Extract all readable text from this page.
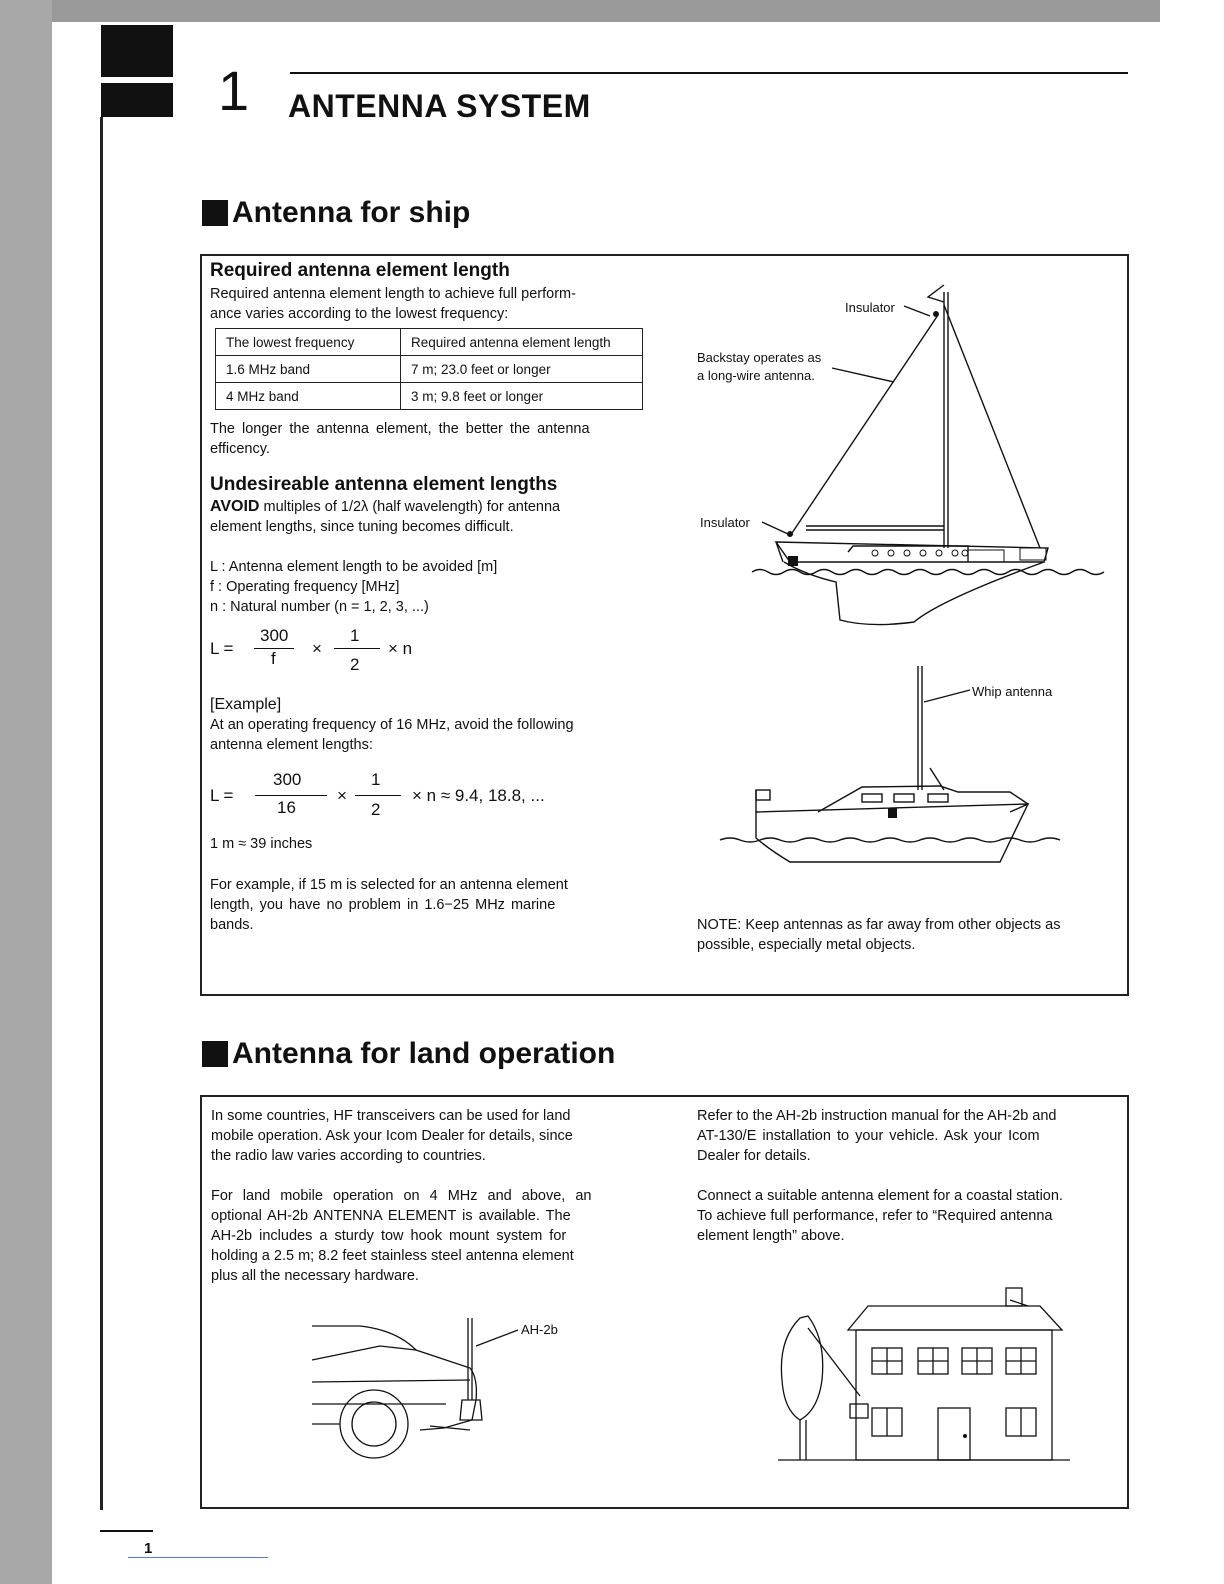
1 ANTENNA SYSTEM
Antenna for ship
Required antenna element length
Required antenna element length to achieve full perform-
ance varies according to the lowest frequency:
The lowest frequency	Required antenna element length
1.6 MHz band	7 m; 23.0 feet or longer
4 MHz band	3 m; 9.8 feet or longer
The longer the antenna element, the better the antenna
efficency.
Undesireable antenna element lengths
AVOID multiples of 1/2λ (half wavelength) for antenna
element lengths, since tuning becomes difficult.
L : Antenna element length to be avoided [m]
f : Operating frequency [MHz]
n : Natural number (n = 1, 2, 3, ...)
L =
300
f
×
1
2
× n
[Example]
At an operating frequency of 16 MHz, avoid the following
antenna element lengths:
L =
300
16
×
1
2
× n ≈ 9.4, 18.8, ...
1 m ≈ 39 inches
For example, if 15 m is selected for an antenna element
length, you have no problem in 1.6−25 MHz marine
bands.
Insulator
Backstay operates as
a long-wire antenna.
Insulator
Whip antenna
NOTE: Keep antennas as far away from other objects as
possible, especially metal objects.
Antenna for land operation
In some countries, HF transceivers can be used for land
mobile operation. Ask your Icom Dealer for details, since
the radio law varies according to countries.
For land mobile operation on 4 MHz and above, an
optional AH-2b ANTENNA ELEMENT is available. The
AH-2b includes a sturdy tow hook mount system for
holding a 2.5 m; 8.2 feet stainless steel antenna element
plus all the necessary hardware.
Refer to the AH-2b instruction manual for the AH-2b and
AT-130/E installation to your vehicle. Ask your Icom
Dealer for details.
Connect a suitable antenna element for a coastal station.
To achieve full performance, refer to “Required antenna
element length” above.
AH-2b
1
